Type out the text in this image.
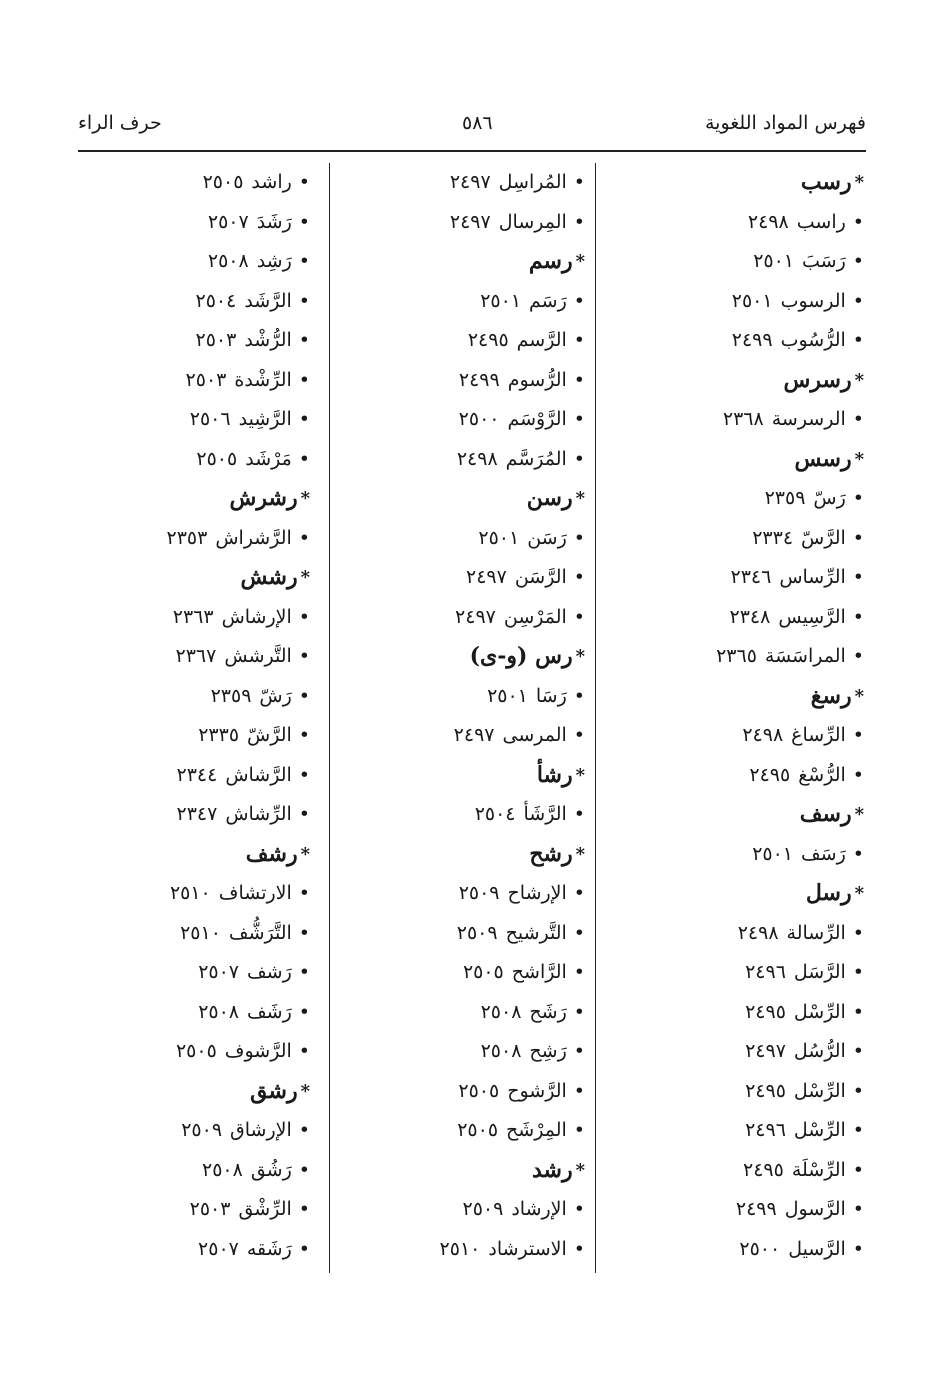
فهرس المواد اللغوية
٥٨٦
حرف الراء
*رسب
•راسب٢٤٩٨
•رَسَبَ٢٥٠١
•الرسوب٢٥٠١
•الرُّسُوب٢٤٩٩
*رسرس
•الرسرسة٢٣٦٨
*رسس
•رَسّ٢٣٥٩
•الرَّسّ٢٣٣٤
•الرِّساس٢٣٤٦
•الرَّسِيس٢٣٤٨
•المراسَسَة٢٣٦٥
*رسغ
•الرِّساغ٢٤٩٨
•الرُّسْغ٢٤٩٥
*رسف
•رَسَف٢٥٠١
*رسل
•الرِّسالة٢٤٩٨
•الرَّسَل٢٤٩٦
•الرِّسْل٢٤٩٥
•الرُّسُل٢٤٩٧
•الرِّسْل٢٤٩٥
•الرِّسْل٢٤٩٦
•الرِّسْلَة٢٤٩٥
•الرَّسول٢٤٩٩
•الرَّسيل٢٥٠٠
•المُراسِل٢٤٩٧
•المِرسال٢٤٩٧
*رسم
•رَسَم٢٥٠١
•الرَّسم٢٤٩٥
•الرُّسوم٢٤٩٩
•الرَّوْسَم٢٥٠٠
•المُرَسَّم٢٤٩٨
*رسن
•رَسَن٢٥٠١
•الرَّسَن٢٤٩٧
•المَرْسِن٢٤٩٧
*رس (و-ى)
•رَسَا٢٥٠١
•المرسى٢٤٩٧
*رشأ
•الرَّشَأ٢٥٠٤
*رشح
•الإرشاح٢٥٠٩
•التَّرشيح٢٥٠٩
•الرَّاشح٢٥٠٥
•رَشَح٢٥٠٨
•رَشِح٢٥٠٨
•الرَّشوح٢٥٠٥
•المِرْشَح٢٥٠٥
*رشد
•الإرشاد٢٥٠٩
•الاسترشاد٢٥١٠
•راشد٢٥٠٥
•رَشَدَ٢٥٠٧
•رَشِد٢٥٠٨
•الرَّشَد٢٥٠٤
•الرُّشْد٢٥٠٣
•الرِّشْدة٢٥٠٣
•الرَّشِيد٢٥٠٦
•مَرْشَد٢٥٠٥
*رشرش
•الرَّشراش٢٣٥٣
*رشش
•الإرشاش٢٣٦٣
•التَّرشش٢٣٦٧
•رَشّ٢٣٥٩
•الرَّشّ٢٣٣٥
•الرَّشاش٢٣٤٤
•الرِّشاش٢٣٤٧
*رشف
•الارتشاف٢٥١٠
•التَّرَشُّف٢٥١٠
•رَشف٢٥٠٧
•رَشَف٢٥٠٨
•الرَّشوف٢٥٠٥
*رشق
•الإرشاق٢٥٠٩
•رَشُق٢٥٠٨
•الرِّشْق٢٥٠٣
•رَشَقه٢٥٠٧
